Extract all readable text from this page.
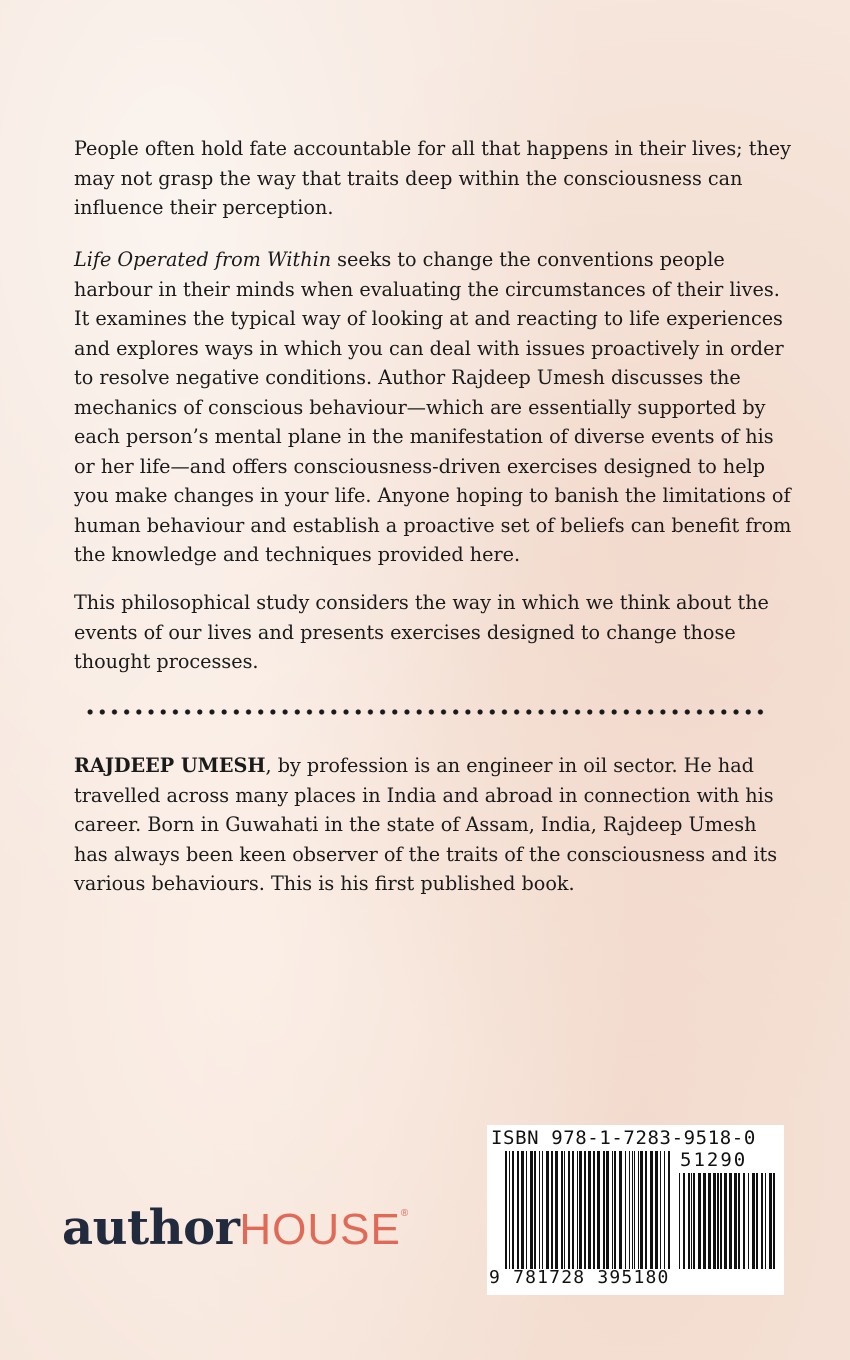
People often hold fate accountable for all that happens in their lives; they may not grasp the way that traits deep within the consciousness can influence their perception.

Life Operated from Within seeks to change the conventions people harbour in their minds when evaluating the circumstances of their lives. It examines the typical way of looking at and reacting to life experiences and explores ways in which you can deal with issues proactively in order to resolve negative conditions. Author Rajdeep Umesh discusses the mechanics of conscious behaviour—which are essentially supported by each person’s mental plane in the manifestation of diverse events of his or her life—and offers consciousness-driven exercises designed to help you make changes in your life. Anyone hoping to banish the limitations of human behaviour and establish a proactive set of beliefs can benefit from the knowledge and techniques provided here.

This philosophical study considers the way in which we think about the events of our lives and presents exercises designed to change those thought processes.

RAJDEEP UMESH, by profession is an engineer in oil sector. He had travelled across many places in India and abroad in connection with his career. Born in Guwahati in the state of Assam, India, Rajdeep Umesh has always been keen observer of the traits of the consciousness and its various behaviours. This is his first published book.

authorHOUSE®
ISBN 978-1-7283-9518-0
51290
9 781728 395180
